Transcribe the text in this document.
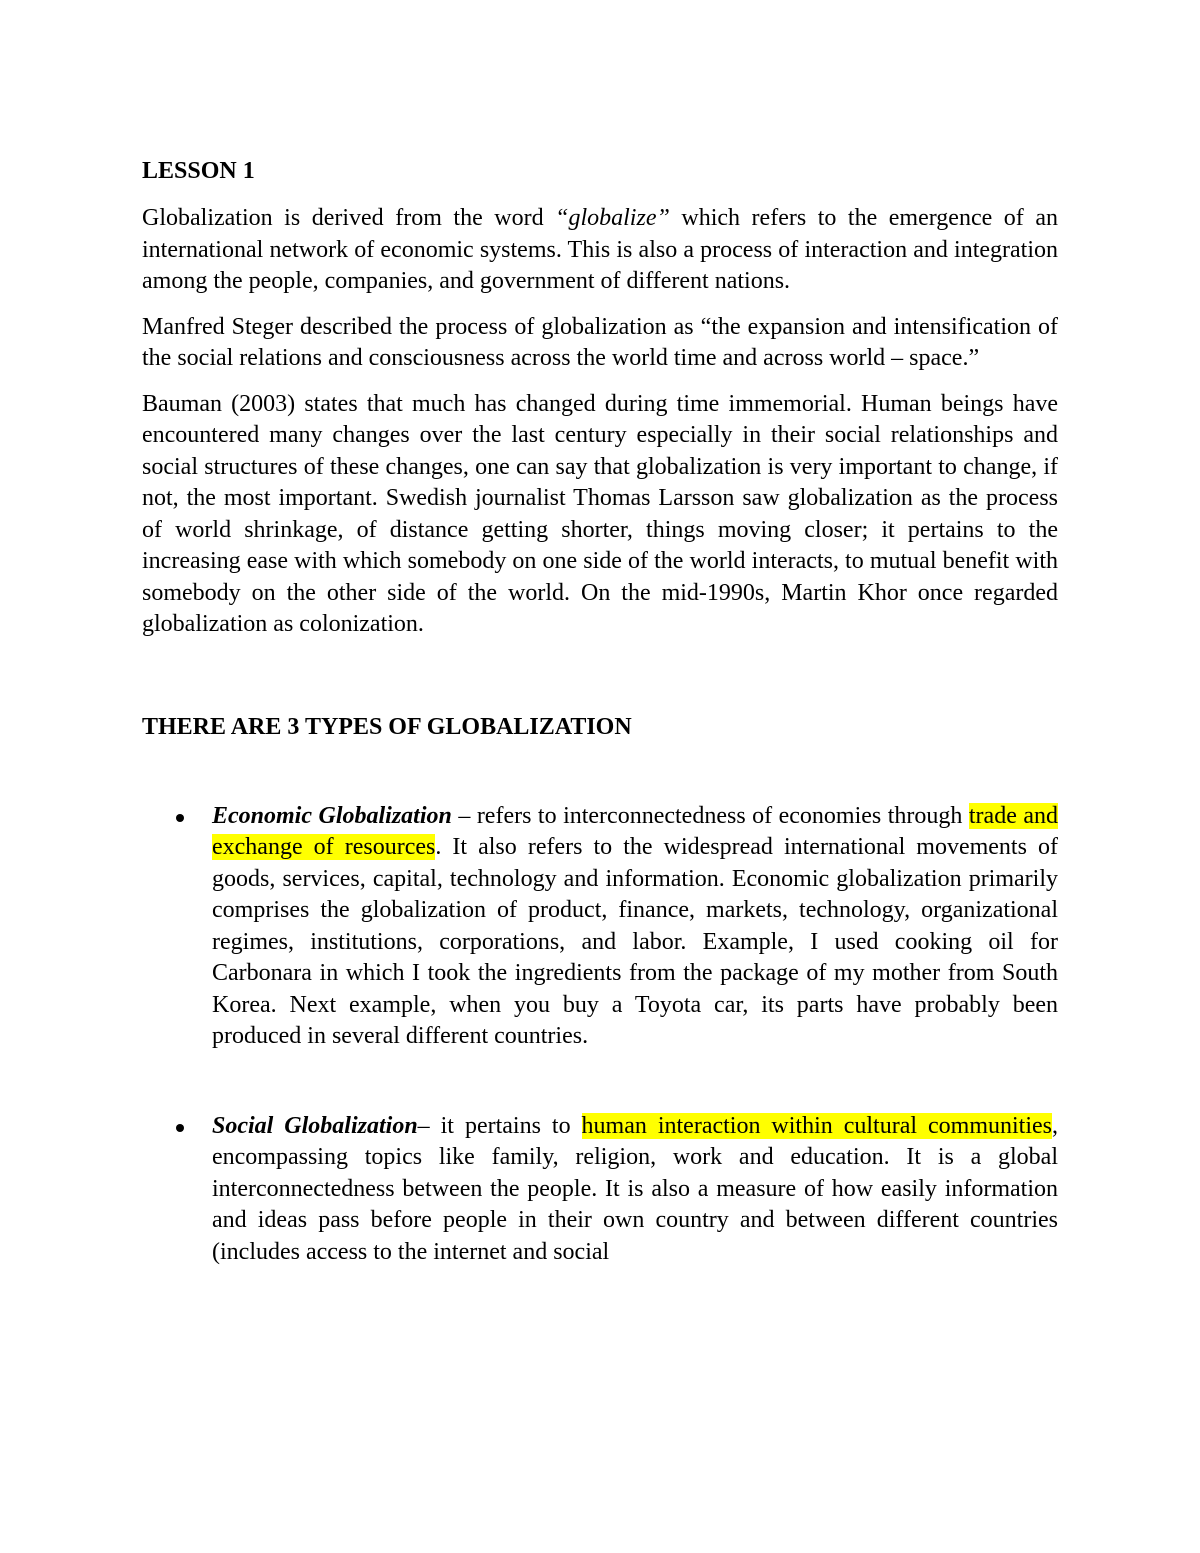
LESSON 1

Globalization is derived from the word “globalize” which refers to the emergence of an international network of economic systems. This is also a process of interaction and integration among the people, companies, and government of different nations.

Manfred Steger described the process of globalization as “the expansion and intensification of the social relations and consciousness across the world time and across world – space.”

Bauman (2003) states that much has changed during time immemorial. Human beings have encountered many changes over the last century especially in their social relationships and social structures of these changes, one can say that globalization is very important to change, if not, the most important. Swedish journalist Thomas Larsson saw globalization as the process of world shrinkage, of distance getting shorter, things moving closer; it pertains to the increasing ease with which somebody on one side of the world interacts, to mutual benefit with somebody on the other side of the world. On the mid-1990s, Martin Khor once regarded globalization as colonization.

THERE ARE 3 TYPES OF GLOBALIZATION
Economic Globalization – refers to interconnectedness of economies through trade and exchange of resources. It also refers to the widespread international movements of goods, services, capital, technology and information. Economic globalization primarily comprises the globalization of product, finance, markets, technology, organizational regimes, institutions, corporations, and labor. Example, I used cooking oil for Carbonara in which I took the ingredients from the package of my mother from South Korea. Next example, when you buy a Toyota car, its parts have probably been produced in several different countries.
Social Globalization– it pertains to human interaction within cultural communities, encompassing topics like family, religion, work and education. It is a global interconnectedness between the people. It is also a measure of how easily information and ideas pass before people in their own country and between different countries (includes access to the internet and social
